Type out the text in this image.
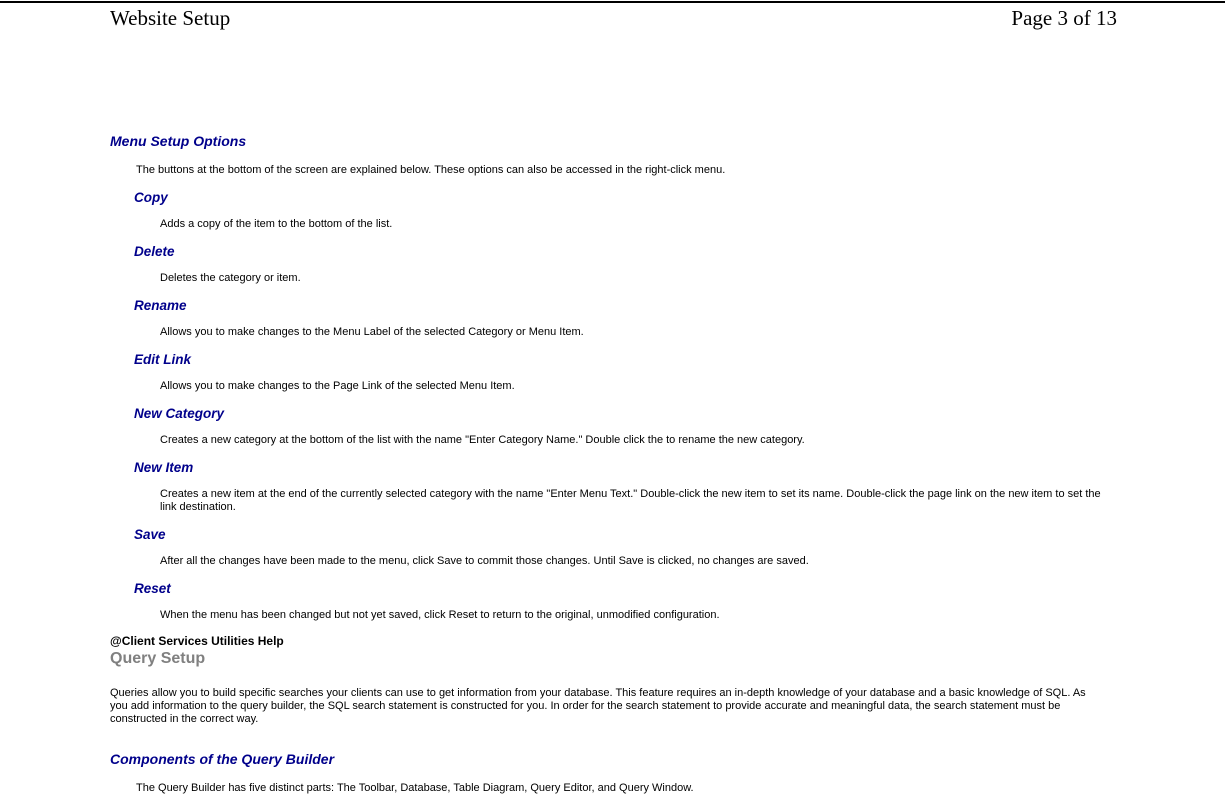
Website Setup	Page 3 of 13
Menu Setup Options
The buttons at the bottom of the screen are explained below. These options can also be accessed in the right-click menu.
Copy
Adds a copy of the item to the bottom of the list.
Delete
Deletes the category or item.
Rename
Allows you to make changes to the Menu Label of the selected Category or Menu Item.
Edit Link
Allows you to make changes to the Page Link of the selected Menu Item.
New Category
Creates a new category at the bottom of the list with the name "Enter Category Name." Double click the to rename the new category.
New Item
Creates a new item at the end of the currently selected category with the name "Enter Menu Text." Double-click the new item to set its name. Double-click the page link on the new item to set the link destination.
Save
After all the changes have been made to the menu, click Save to commit those changes. Until Save is clicked, no changes are saved.
Reset
When the menu has been changed but not yet saved, click Reset to return to the original, unmodified configuration.
@Client Services Utilities Help
Query Setup
Queries allow you to build specific searches your clients can use to get information from your database. This feature requires an in-depth knowledge of your database and a basic knowledge of SQL. As you add information to the query builder, the SQL search statement is constructed for you. In order for the search statement to provide accurate and meaningful data, the search statement must be constructed in the correct way.
Components of the Query Builder
The Query Builder has five distinct parts: The Toolbar, Database, Table Diagram, Query Editor, and Query Window.
